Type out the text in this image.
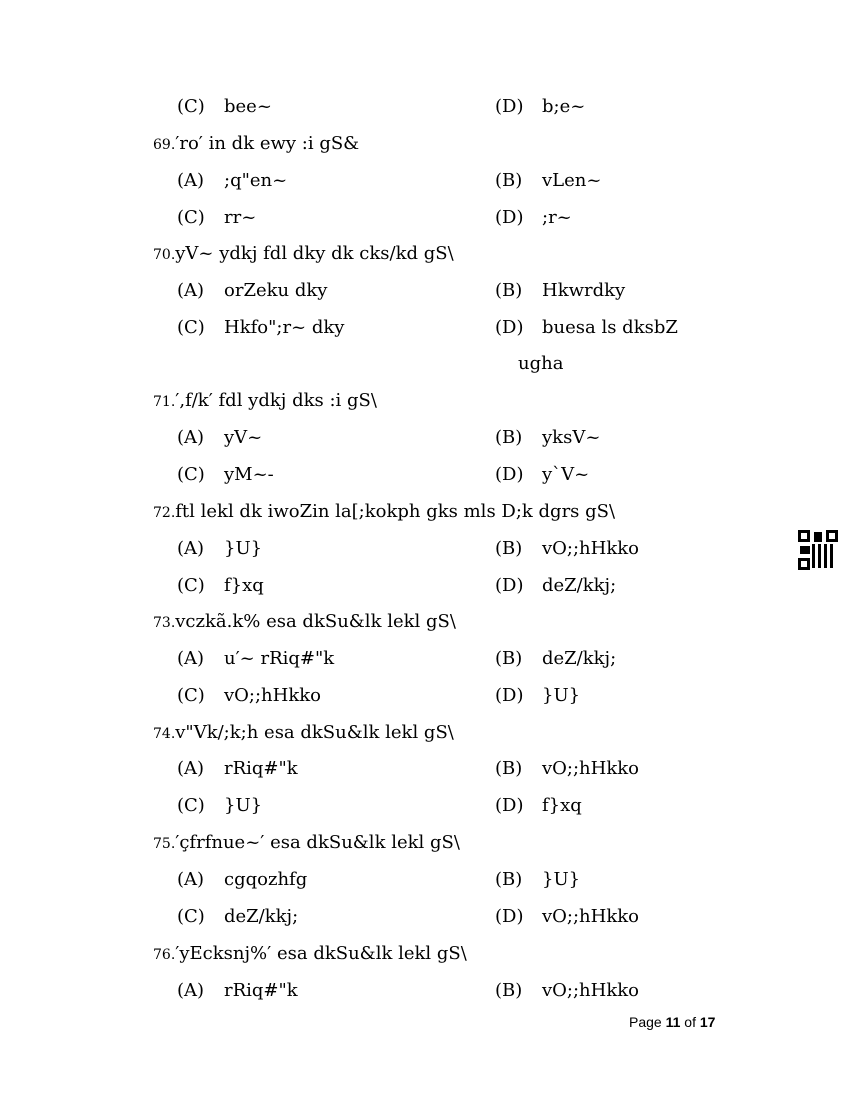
(C) bee~	(D) b;e~
69.′ro′ in dk ewy :i gS&
(A) ;q"en~	(B) vLen~
(C) rr~	(D) ;r~
70.yV~ ydkj fdl dky dk cks/kd gS\
(A) orZeku dky	(B) Hkwrdky
(C) Hkfo";r~ dky	(D) buesa ls dksbZ
ugha
71.′,f/k′ fdl ydkj dks :i gS\
(A) yV~	(B) yksV~
(C) yM~-	(D) y`V~
72.ftl lekl dk iwoZin la[;kokph gks mls D;k dgrs gS\
(A) }U}	(B) vO;;hHkko
(C) f}xq	(D) deZ/kkj;
73.vczkã.k% esa dkSu&lk lekl gS\
(A) u′~ rRiq#"k	(B) deZ/kkj;
(C) vO;;hHkko	(D) }U}
74.v"Vk/;k;h esa dkSu&lk lekl gS\
(A) rRiq#"k	(B) vO;;hHkko
(C) }U}	(D) f}xq
75.′çfrfnue~′ esa dkSu&lk lekl gS\
(A) cgqozhfg	(B) }U}
(C) deZ/kkj;	(D) vO;;hHkko
76.′yEcksnj%′ esa dkSu&lk lekl gS\
(A) rRiq#"k	(B) vO;;hHkko
Page 11 of 17
